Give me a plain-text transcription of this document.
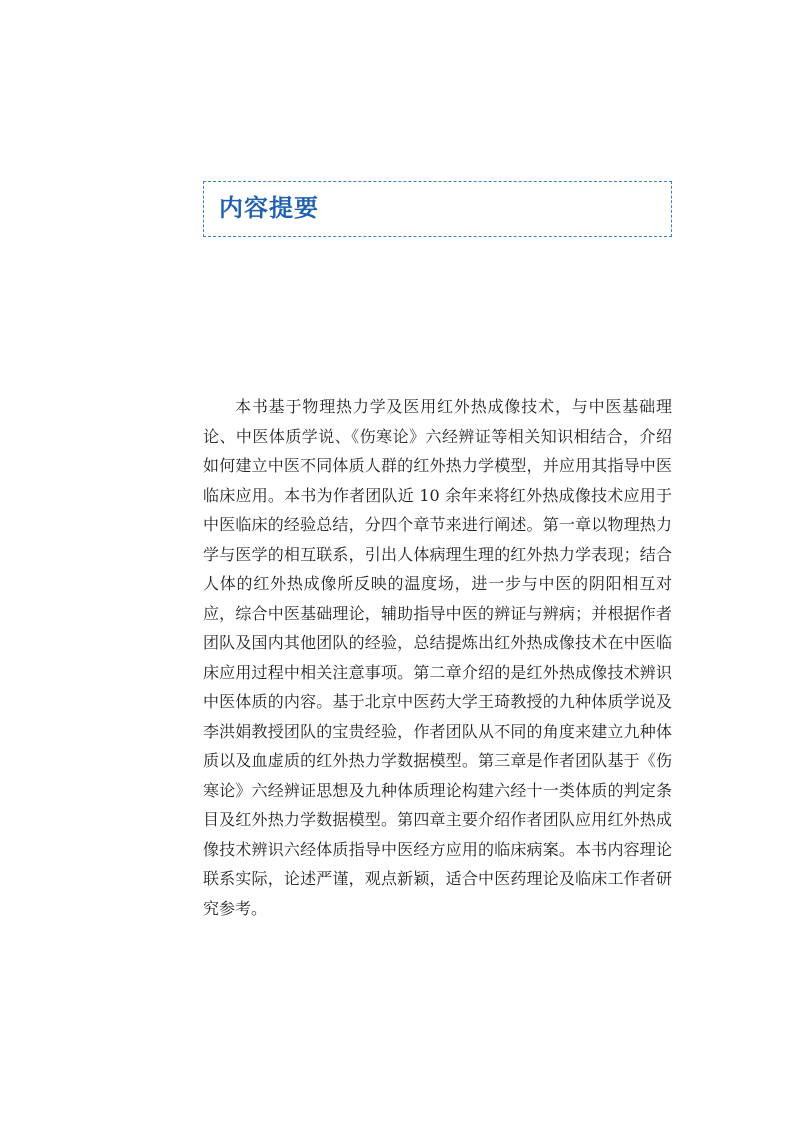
内容提要

本书基于物理热力学及医用红外热成像技术，与中医基础理论、中医体质学说、《伤寒论》六经辨证等相关知识相结合，介绍如何建立中医不同体质人群的红外热力学模型，并应用其指导中医临床应用。本书为作者团队近 10 余年来将红外热成像技术应用于中医临床的经验总结，分四个章节来进行阐述。第一章以物理热力学与医学的相互联系，引出人体病理生理的红外热力学表现；结合人体的红外热成像所反映的温度场，进一步与中医的阴阳相互对应，综合中医基础理论，辅助指导中医的辨证与辨病；并根据作者团队及国内其他团队的经验，总结提炼出红外热成像技术在中医临床应用过程中相关注意事项。第二章介绍的是红外热成像技术辨识中医体质的内容。基于北京中医药大学王琦教授的九种体质学说及李洪娟教授团队的宝贵经验，作者团队从不同的角度来建立九种体质以及血虚质的红外热力学数据模型。第三章是作者团队基于《伤寒论》六经辨证思想及九种体质理论构建六经十一类体质的判定条目及红外热力学数据模型。第四章主要介绍作者团队应用红外热成像技术辨识六经体质指导中医经方应用的临床病案。本书内容理论联系实际，论述严谨，观点新颖，适合中医药理论及临床工作者研究参考。
